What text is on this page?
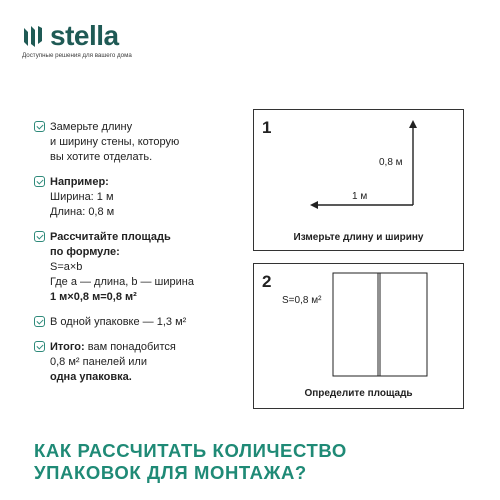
stella
Доступные решения для вашего дома
Замерьте длину
и ширину стены, которую
вы хотите отделать.
Например:
Ширина: 1 м
Длина: 0,8 м
Рассчитайте площадь
по формуле:
S=a×b
Где a — длина, b — ширина
1 м×0,8 м=0,8 м²
В одной упаковке — 1,3 м²
Итого: вам понадобится
0,8 м² панелей или
одна упаковка.
1
0,8 м
1 м
Измерьте длину и ширину
2
S=0,8 м²
Определите площадь
КАК РАССЧИТАТЬ КОЛИЧЕСТВО
УПАКОВОК ДЛЯ МОНТАЖА?
